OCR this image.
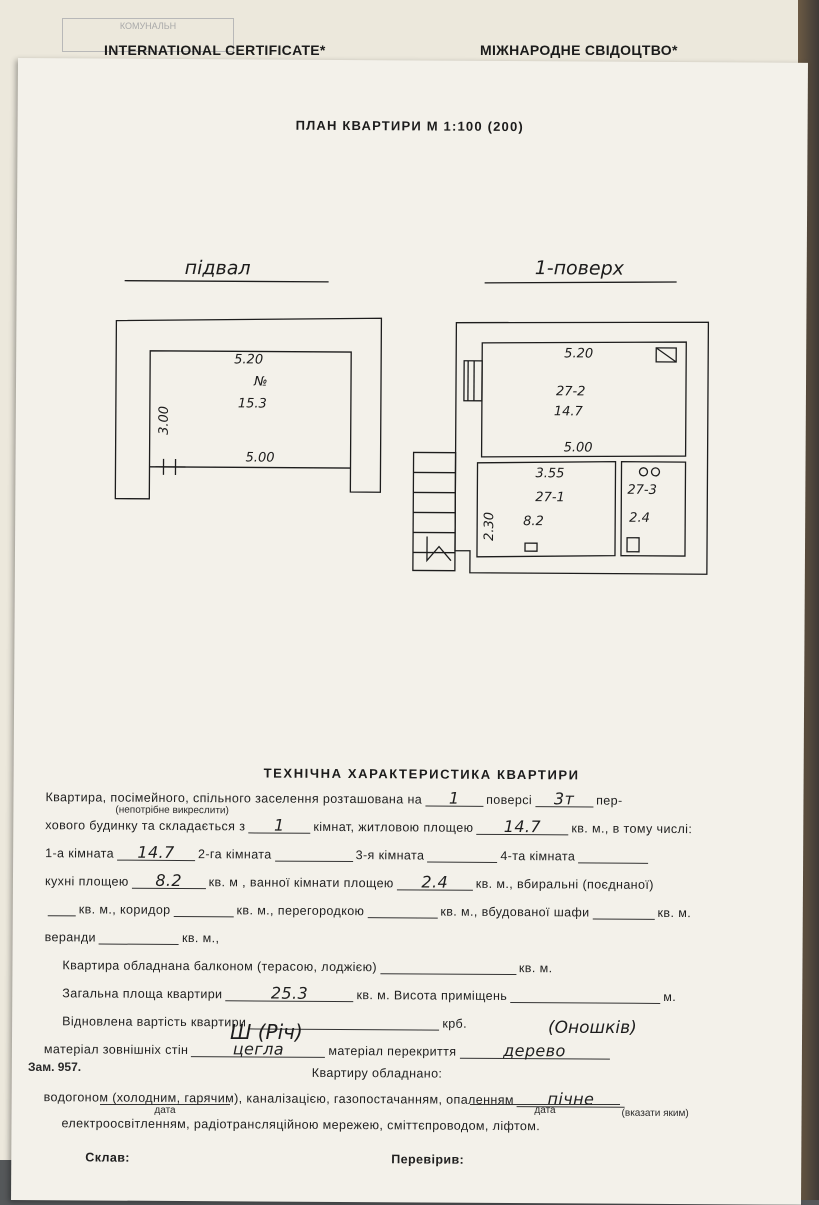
КОМУНАЛЬН
INTERNATIONAL CERTIFICATE*	МІЖНАРОДНЕ СВІДОЦТВО*
ПЛАН КВАРТИРИ М 1:100 (200)
підвал	1-поверх
5.20
№
15.3
5.00
3.00
5.20
27-2
14.7
5.00
3.55
27-1
8.2
2.30
27-3
2.4
ТЕХНІЧНА ХАРАКТЕРИСТИКА КВАРТИРИ
Квартира, посімейного, спільного заселення розташована на 1 поверсі 3т пер-
(непотрібне викреслити)
хового будинку та складається з 1 кімнат, житловою площею 14.7 кв. м., в тому числі:
1-а кімната 14.7 2-га кімната	3-я кімната	4-та кімната
кухні площею 8.2 кв. м , ванної кімнати площею 2.4 кв. м., вбиральні (поєднаної)
кв. м., коридор	кв. м., перегородкою	кв. м., вбудованої шафи	кв. м.
веранди	кв. м.,
Квартира обладнана балконом (терасою, лоджією)	кв. м.
Загальна площа квартири	25.3	кв. м. Висота приміщень	м.
Відновлена вартість квартири	крб.
матеріал зовнішніх стін	цегла	матеріал перекриття	дерево
Квартиру обладнано:
водогоном (холодним, гарячим), каналізацією, газопостачанням, опаленням пічне
(вказати яким)
електроосвітленням, радіотрансляційною мережею, сміттєпроводом, ліфтом.
Склав:	Перевірив:
Ш (Річ)	(Оношків)
дата	дата
Зам. 957.
